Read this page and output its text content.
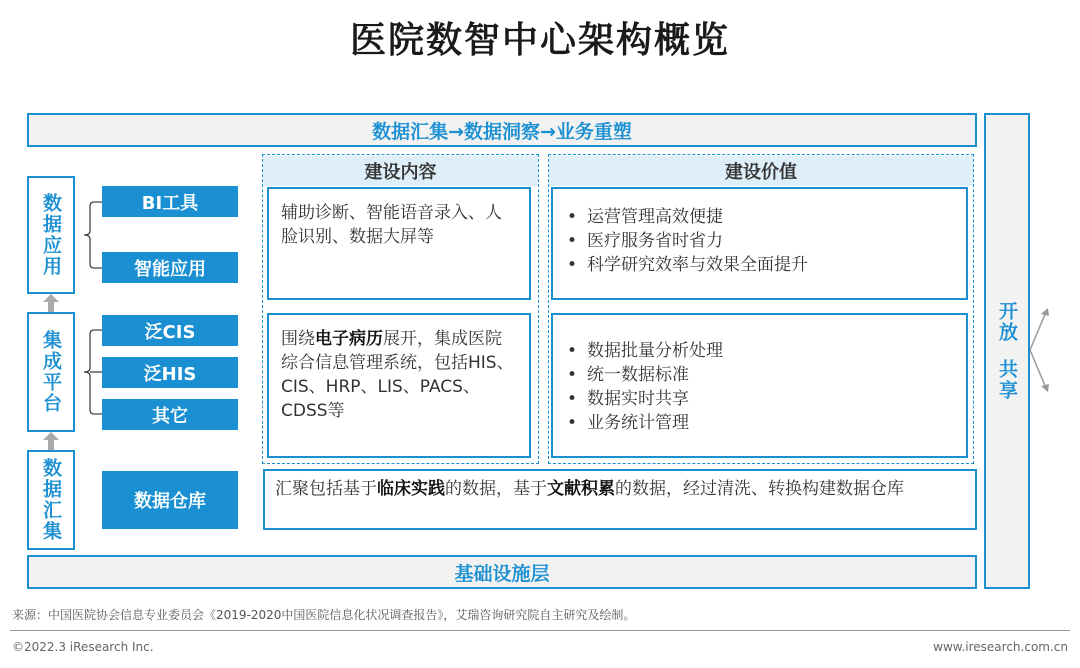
医院数智中心架构概览
数据汇集→数据洞察→业务重塑
基础设施层
开放
共享
数据应用
集成平台
数据汇集
BI工具
智能应用
泛CIS
泛HIS
其它
数据仓库
建设内容
辅助诊断、智能语音录入、人脸识别、数据大屏等
围绕电子病历展开，集成医院综合信息管理系统，包括HIS、CIS、HRP、LIS、PACS、CDSS等
建设价值
• 运营管理高效便捷
• 医疗服务省时省力
• 科学研究效率与效果全面提升
• 数据批量分析处理
• 统一数据标准
• 数据实时共享
• 业务统计管理
汇聚包括基于临床实践的数据，基于文献积累的数据，经过清洗、转换构建数据仓库
来源：中国医院协会信息专业委员会《2019-2020中国医院信息化状况调查报告》，艾瑞咨询研究院自主研究及绘制。
©2022.3 iResearch Inc.	www.iresearch.com.cn
